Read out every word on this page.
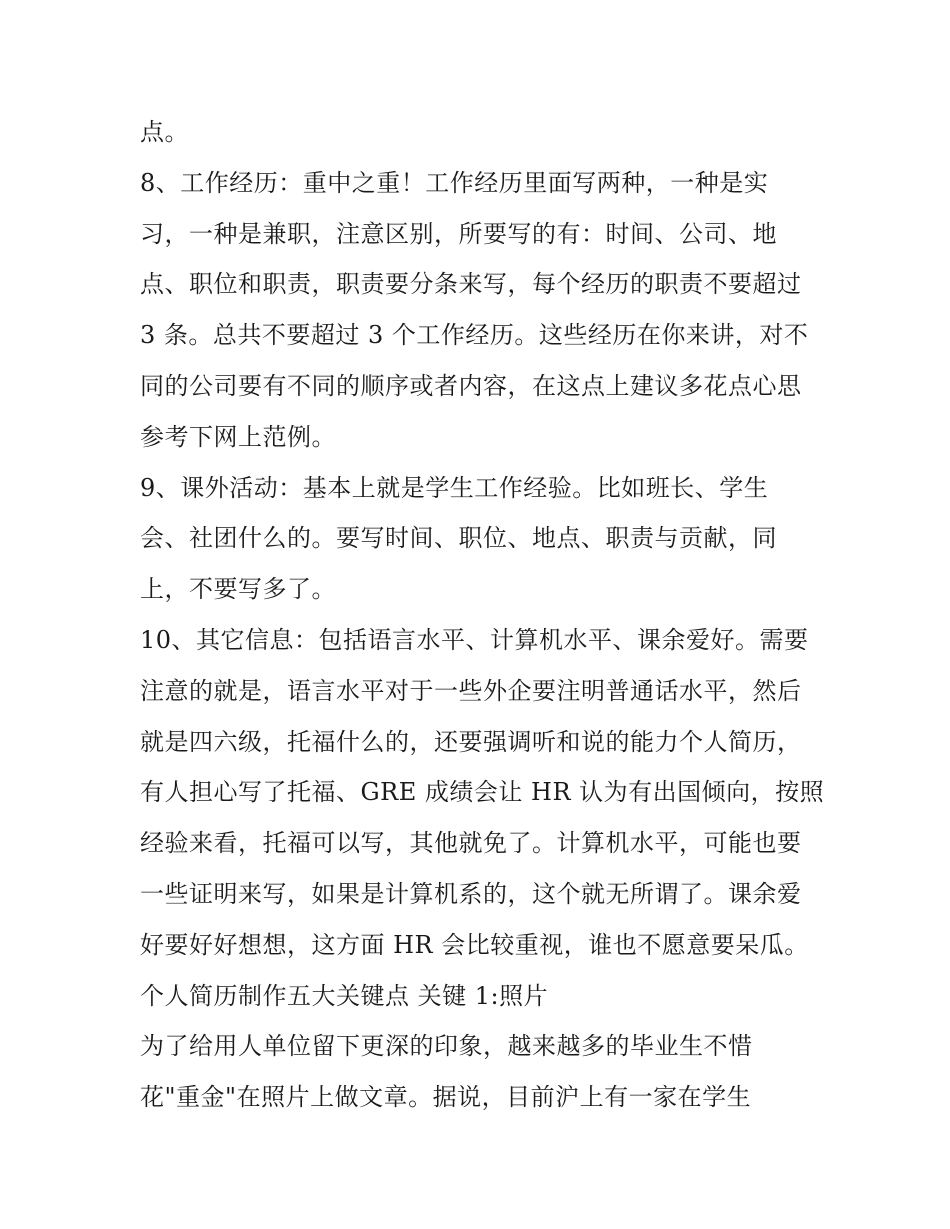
点。
8、工作经历：重中之重！工作经历里面写两种，一种是实
习，一种是兼职，注意区别，所要写的有：时间、公司、地
点、职位和职责，职责要分条来写，每个经历的职责不要超过
3 条。总共不要超过 3 个工作经历。这些经历在你来讲，对不
同的公司要有不同的顺序或者内容，在这点上建议多花点心思
参考下网上范例。
9、课外活动：基本上就是学生工作经验。比如班长、学生
会、社团什么的。要写时间、职位、地点、职责与贡献，同
上，不要写多了。
10、其它信息：包括语言水平、计算机水平、课余爱好。需要
注意的就是，语言水平对于一些外企要注明普通话水平，然后
就是四六级，托福什么的，还要强调听和说的能力个人简历，
有人担心写了托福、GRE 成绩会让 HR 认为有出国倾向，按照
经验来看，托福可以写，其他就免了。计算机水平，可能也要
一些证明来写，如果是计算机系的，这个就无所谓了。课余爱
好要好好想想，这方面 HR 会比较重视，谁也不愿意要呆瓜。
个人简历制作五大关键点 关键 1:照片
为了给用人单位留下更深的印象，越来越多的毕业生不惜
花"重金"在照片上做文章。据说，目前沪上有一家在学生
